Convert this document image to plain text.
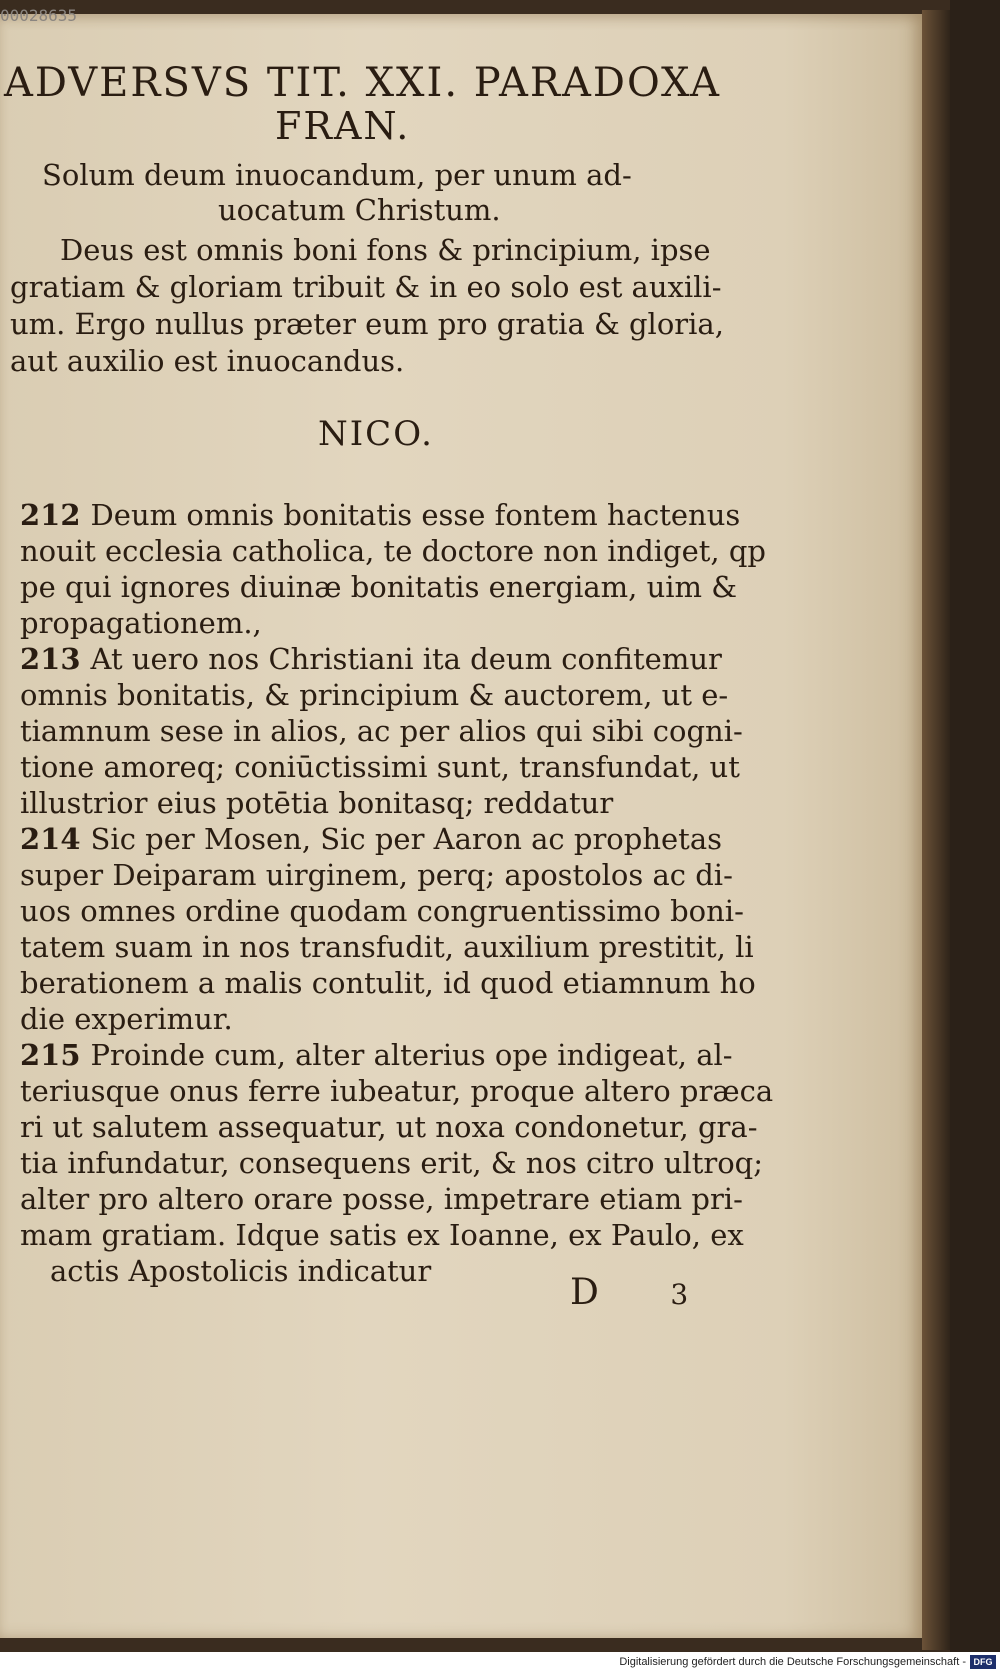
00028635
ADVERSVS TIT. XXI. PARADOXA
FRAN.
Solum deum inuocandum, per unum ad-
uocatum Christum.
Deus est omnis boni fons & principium, ipse
gratiam & gloriam tribuit & in eo solo est auxili-
um. Ergo nullus præter eum pro gratia & gloria,
aut auxilio est inuocandus.
NICO.
212 Deum omnis bonitatis esse fontem hactenus
nouit ecclesia catholica, te doctore non indiget, qp
pe qui ignores diuinæ bonitatis energiam, uim &
propagationem.,
213 At uero nos Christiani ita deum confitemur
omnis bonitatis, & principium & auctorem, ut e-
tiamnum sese in alios, ac per alios qui sibi cogni-
tione amoreq; coniūctissimi sunt, transfundat, ut
illustrior eius potētia bonitasq; reddatur
214 Sic per Mosen, Sic per Aaron ac prophetas
super Deiparam uirginem, perq; apostolos ac di-
uos omnes ordine quodam congruentissimo boni-
tatem suam in nos transfudit, auxilium prestitit, li
berationem a malis contulit, id quod etiamnum ho
die experimur.
215 Proinde cum, alter alterius ope indigeat, al-
teriusque onus ferre iubeatur, proque altero præca
ri ut salutem assequatur, ut noxa condonetur, gra-
tia infundatur, consequens erit, & nos citro ultroq;
alter pro altero orare posse, impetrare etiam pri-
mam gratiam. Idque satis ex Ioanne, ex Paulo, ex
actis Apostolicis indicatur
D	3
Digitalisierung gefördert durch die Deutsche Forschungsgemeinschaft - DFG
